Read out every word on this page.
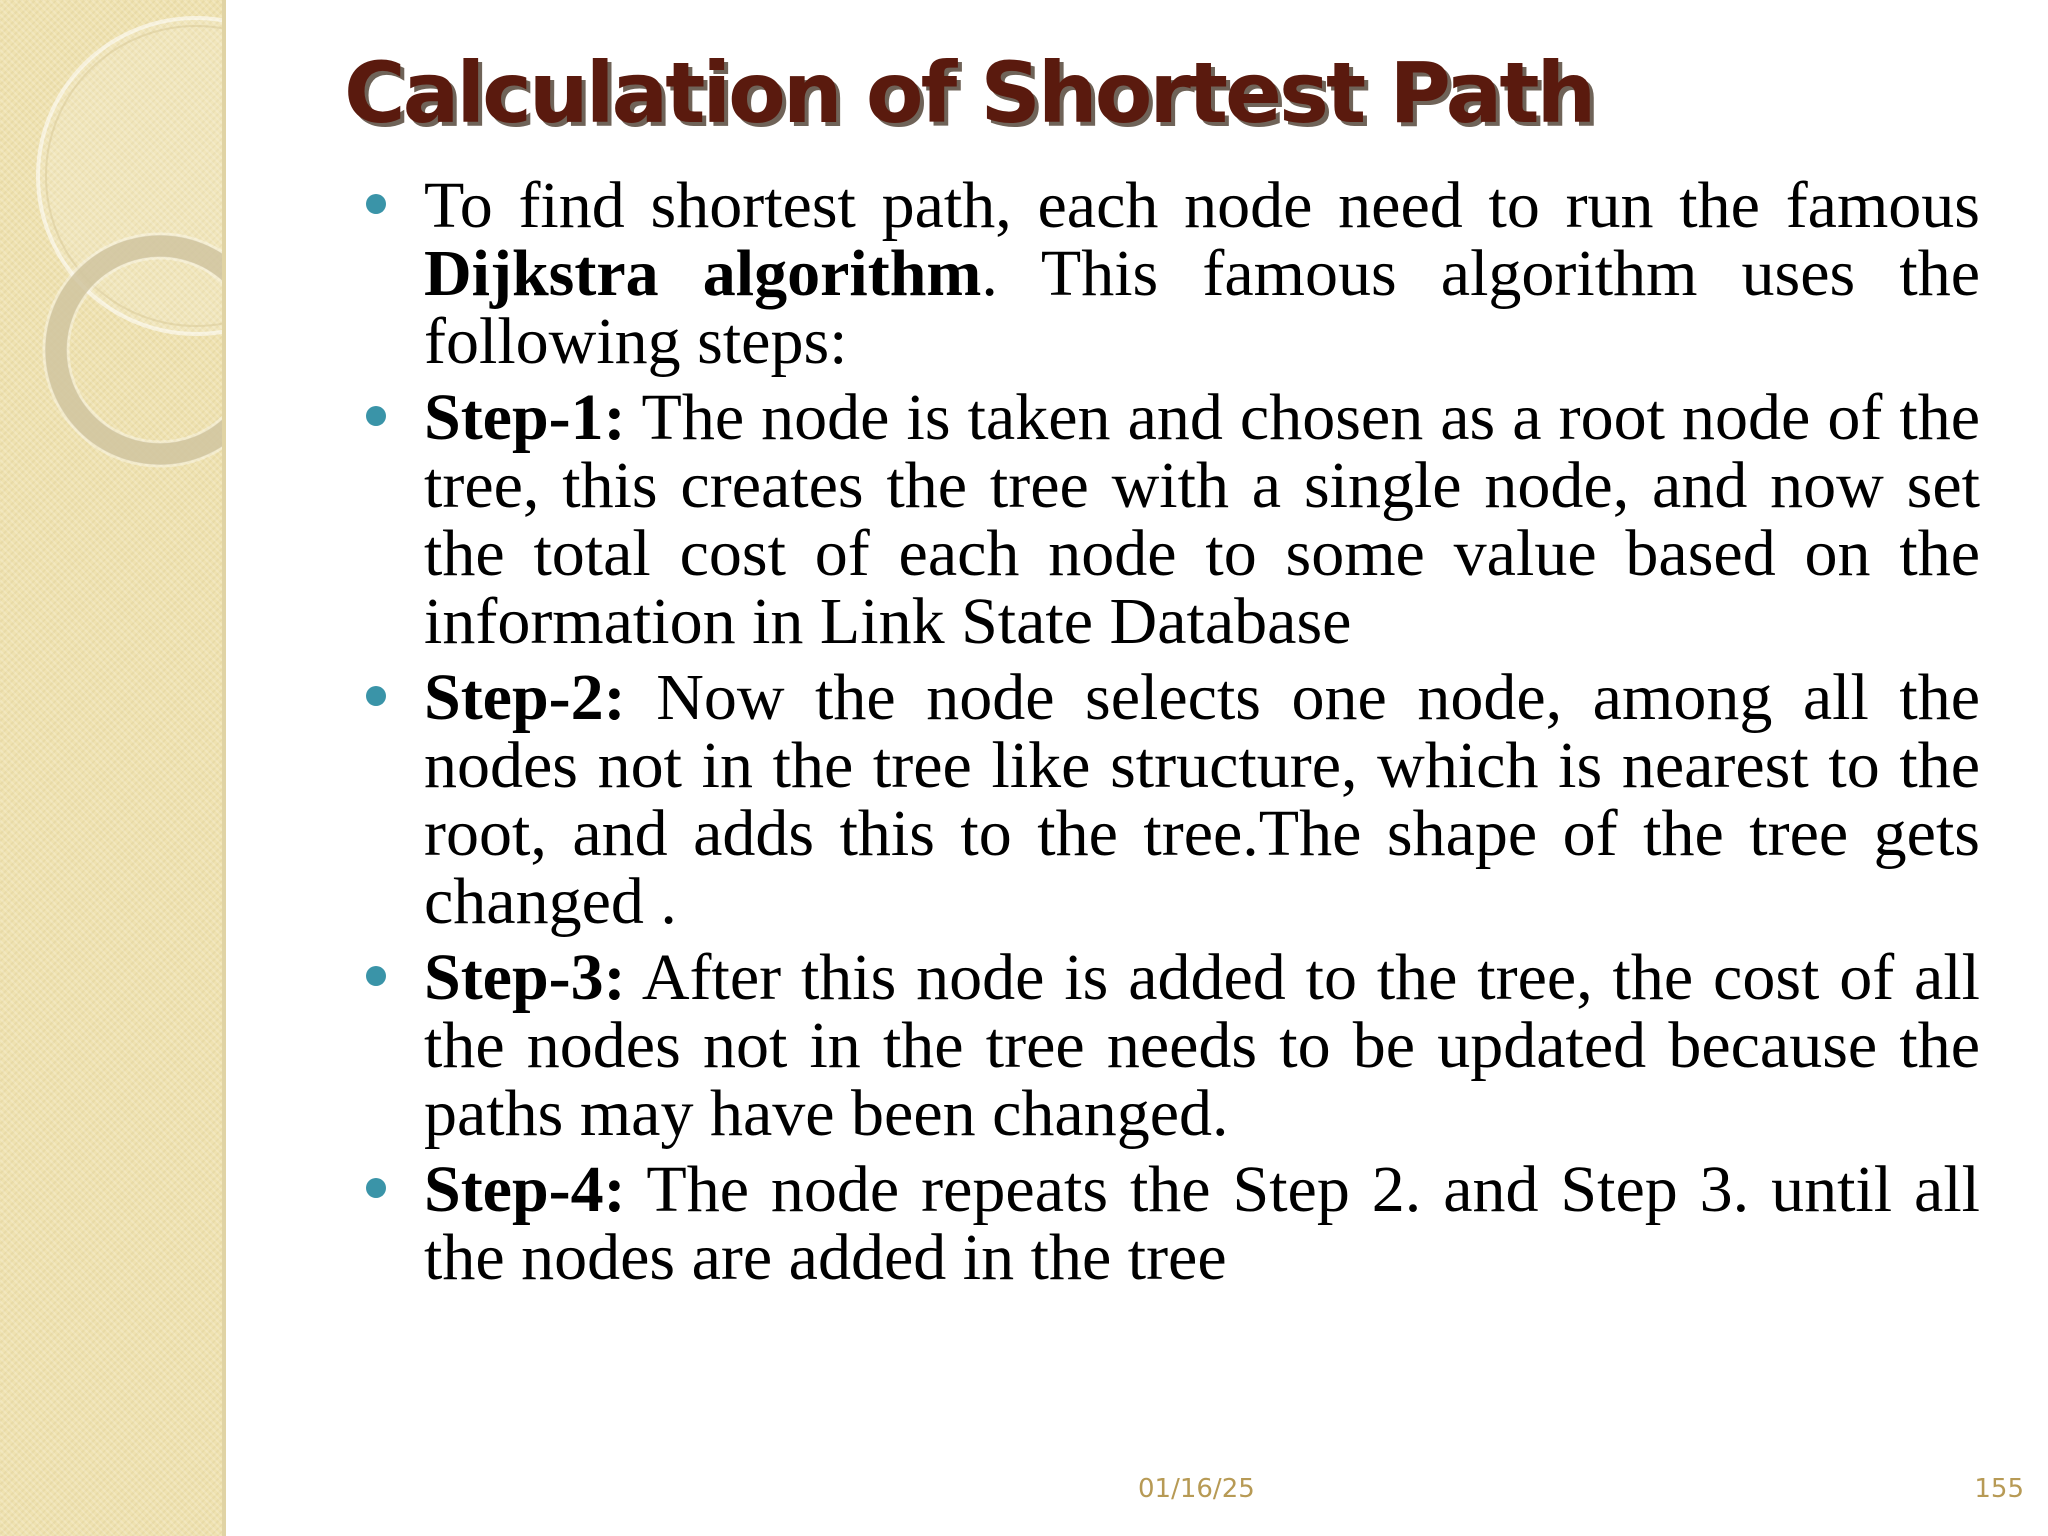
Calculation of Shortest Path
To find shortest path, each node need to run the famous Dijkstra algorithm. This famous algorithm uses the following steps:
Step-1: The node is taken and chosen as a root node of the tree, this creates the tree with a single node, and now set the total cost of each node to some value based on the information in Link State Database
Step-2: Now the node selects one node, among all the nodes not in the tree like structure, which is nearest to the root, and adds this to the tree.The shape of the tree gets changed .
Step-3: After this node is added to the tree, the cost of all the nodes not in the tree needs to be updated because the paths may have been changed.
Step-4: The node repeats the Step 2. and Step 3. until all the nodes are added in the tree
01/16/25	155
